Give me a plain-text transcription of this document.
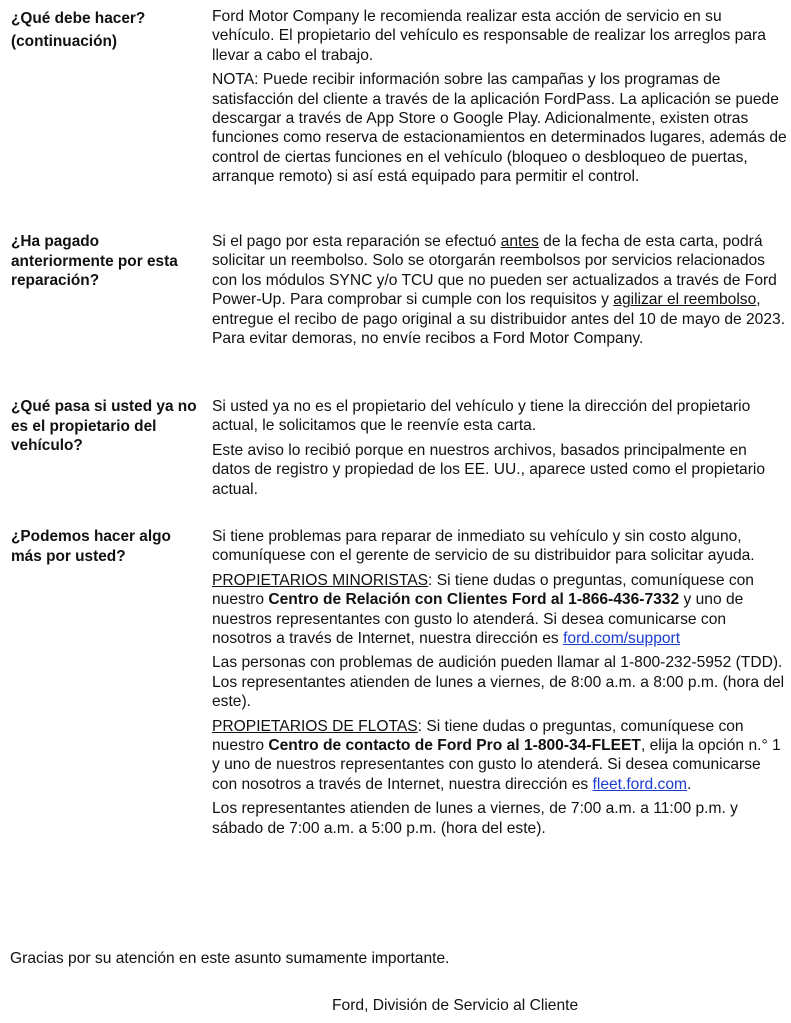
¿Qué debe hacer? (continuación)

Ford Motor Company le recomienda realizar esta acción de servicio en su vehículo. El propietario del vehículo es responsable de realizar los arreglos para llevar a cabo el trabajo.

NOTA: Puede recibir información sobre las campañas y los programas de satisfacción del cliente a través de la aplicación FordPass. La aplicación se puede descargar a través de App Store o Google Play. Adicionalmente, existen otras funciones como reserva de estacionamientos en determinados lugares, además de control de ciertas funciones en el vehículo (bloqueo o desbloqueo de puertas, arranque remoto) si así está equipado para permitir el control.

¿Ha pagado anteriormente por esta reparación?

Si el pago por esta reparación se efectuó antes de la fecha de esta carta, podrá solicitar un reembolso. Solo se otorgarán reembolsos por servicios relacionados con los módulos SYNC y/o TCU que no pueden ser actualizados a través de Ford Power-Up. Para comprobar si cumple con los requisitos y agilizar el reembolso, entregue el recibo de pago original a su distribuidor antes del 10 de mayo de 2023. Para evitar demoras, no envíe recibos a Ford Motor Company.

¿Qué pasa si usted ya no es el propietario del vehículo?

Si usted ya no es el propietario del vehículo y tiene la dirección del propietario actual, le solicitamos que le reenvíe esta carta.

Este aviso lo recibió porque en nuestros archivos, basados principalmente en datos de registro y propiedad de los EE. UU., aparece usted como el propietario actual.

¿Podemos hacer algo más por usted?

Si tiene problemas para reparar de inmediato su vehículo y sin costo alguno, comuníquese con el gerente de servicio de su distribuidor para solicitar ayuda.

PROPIETARIOS MINORISTAS: Si tiene dudas o preguntas, comuníquese con nuestro Centro de Relación con Clientes Ford al 1-866-436-7332 y uno de nuestros representantes con gusto lo atenderá. Si desea comunicarse con nosotros a través de Internet, nuestra dirección es ford.com/support

Las personas con problemas de audición pueden llamar al 1-800-232-5952 (TDD). Los representantes atienden de lunes a viernes, de 8:00 a.m. a 8:00 p.m. (hora del este).

PROPIETARIOS DE FLOTAS: Si tiene dudas o preguntas, comuníquese con nuestro Centro de contacto de Ford Pro al 1-800-34-FLEET, elija la opción n.° 1 y uno de nuestros representantes con gusto lo atenderá. Si desea comunicarse con nosotros a través de Internet, nuestra dirección es fleet.ford.com.

Los representantes atienden de lunes a viernes, de 7:00 a.m. a 11:00 p.m. y sábado de 7:00 a.m. a 5:00 p.m. (hora del este).

Gracias por su atención en este asunto sumamente importante.
Ford, División de Servicio al Cliente
